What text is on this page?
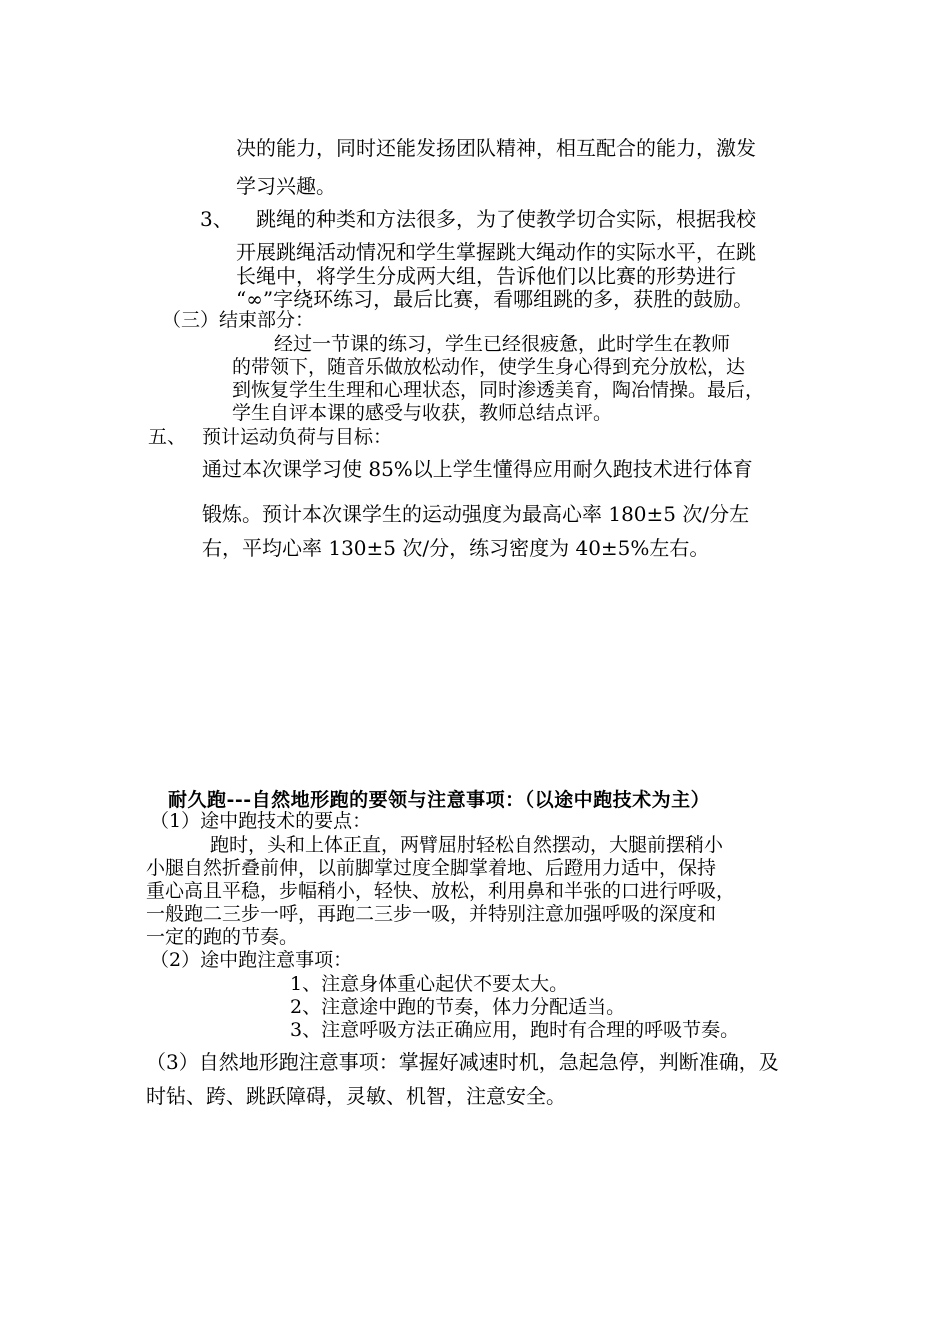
决的能力，同时还能发扬团队精神，相互配合的能力，激发

学习兴趣。

3、 跳绳的种类和方法很多，为了使教学切合实际，根据我校

开展跳绳活动情况和学生掌握跳大绳动作的实际水平，在跳

长绳中，将学生分成两大组，告诉他们以比赛的形势进行

“∞”字绕环练习，最后比赛，看哪组跳的多，获胜的鼓励。

（三）结束部分：

经过一节课的练习，学生已经很疲惫，此时学生在教师

的带领下，随音乐做放松动作，使学生身心得到充分放松，达

到恢复学生生理和心理状态，同时渗透美育，陶冶情操。最后，

学生自评本课的感受与收获，教师总结点评。

五、 预计运动负荷与目标：

通过本次课学习使 85%以上学生懂得应用耐久跑技术进行体育

锻炼。预计本次课学生的运动强度为最高心率 180±5 次/分左

右，平均心率 130±5 次/分，练习密度为 40±5%左右。

耐久跑---自然地形跑的要领与注意事项：（以途中跑技术为主）

（1）途中跑技术的要点：

跑时，头和上体正直，两臂屈肘轻松自然摆动，大腿前摆稍小

小腿自然折叠前伸，以前脚掌过度全脚掌着地、后蹬用力适中，保持

重心高且平稳，步幅稍小，轻快、放松，利用鼻和半张的口进行呼吸，

一般跑二三步一呼，再跑二三步一吸，并特别注意加强呼吸的深度和

一定的跑的节奏。

（2）途中跑注意事项：

1、注意身体重心起伏不要太大。

2、注意途中跑的节奏，体力分配适当。

3、注意呼吸方法正确应用，跑时有合理的呼吸节奏。

（3）自然地形跑注意事项：掌握好减速时机，急起急停，判断准确，及

时钻、跨、跳跃障碍，灵敏、机智，注意安全。
